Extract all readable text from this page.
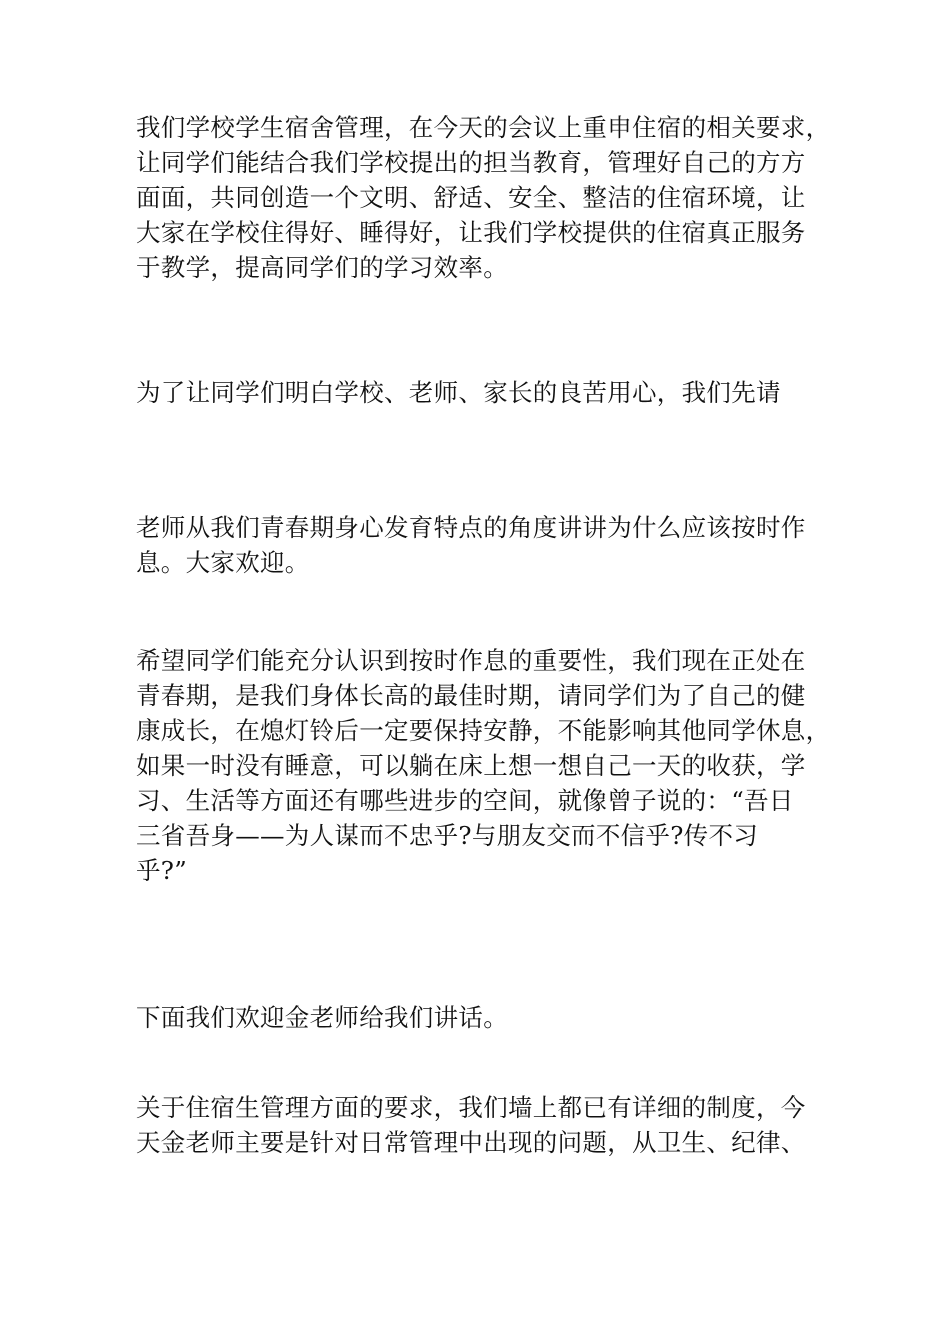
我们学校学生宿舍管理，在今天的会议上重申住宿的相关要求，
让同学们能结合我们学校提出的担当教育，管理好自己的方方
面面，共同创造一个文明、舒适、安全、整洁的住宿环境，让
大家在学校住得好、睡得好，让我们学校提供的住宿真正服务
于教学，提高同学们的学习效率。
为了让同学们明白学校、老师、家长的良苦用心，我们先请
老师从我们青春期身心发育特点的角度讲讲为什么应该按时作
息。大家欢迎。
希望同学们能充分认识到按时作息的重要性，我们现在正处在
青春期，是我们身体长高的最佳时期，请同学们为了自己的健
康成长，在熄灯铃后一定要保持安静，不能影响其他同学休息，
如果一时没有睡意，可以躺在床上想一想自己一天的收获，学
习、生活等方面还有哪些进步的空间，就像曾子说的：“吾日
三省吾身——为人谋而不忠乎?与朋友交而不信乎?传不习
乎?”
下面我们欢迎金老师给我们讲话。
关于住宿生管理方面的要求，我们墙上都已有详细的制度，今
天金老师主要是针对日常管理中出现的问题，从卫生、纪律、
